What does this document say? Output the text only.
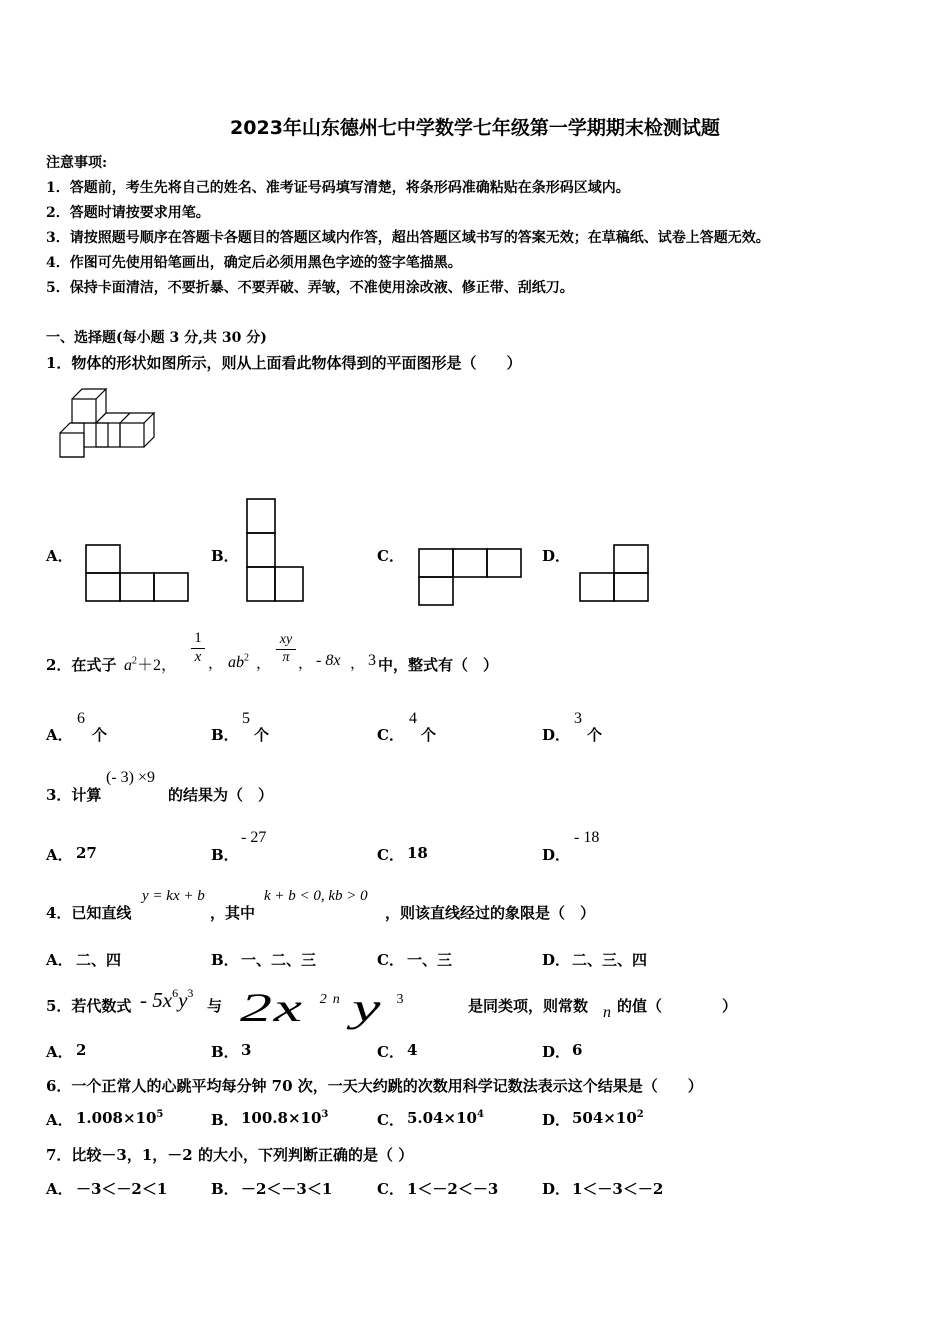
2023年山东德州七中学数学七年级第一学期期末检测试题
注意事项:
1．答题前，考生先将自己的姓名、准考证号码填写清楚，将条形码准确粘贴在条形码区域内。
2．答题时请按要求用笔。
3．请按照题号顺序在答题卡各题目的答题区域内作答，超出答题区域书写的答案无效；在草稿纸、试卷上答题无效。
4．作图可先使用铅笔画出，确定后必须用黑色字迹的签字笔描黑。
5．保持卡面清洁，不要折暴、不要弄破、弄皱，不准使用涂改液、修正带、刮纸刀。
一、选择题(每小题 3 分,共 30 分)
1．物体的形状如图所示，则从上面看此物体得到的平面图形是（　　）
A．	B．	C．	D．
2．在式子 $a^2+2$，
1
x ， $ab^2$ ，
xy
π ， - 8x ， 3 中，整式有（　）
A．
6
个	B．
5
个	C．
4
个	D．
3
个
3．计算
(- 3) ×9
的结果为（　）
A． 27	B．
- 27
C． 18	D．
- 18
4．已知直线
y = kx + b
，其中
k + b < 0, kb > 0
，则该直线经过的象限是（　）
A． 二、四	B． 一、二、三	C． 一、三	D． 二、三、四
5．若代数式 - $5x^6y^3$
与 2x $^{2n}$ y $^3$	是同类项，则常数 n 的值（　　　　）
A． 2	B． 3	C． 4	D． 6
6．一个正常人的心跳平均每分钟 70 次，一天大约跳的次数用科学记数法表示这个结果是（　　）
A． $1.008\times 10^5$	B． $100.8\times 10^3$	C． $5.04\times 10^4$	D． $504\times 10^2$
7．比较－3，1，－2 的大小，下列判断正确的是（ ）
A． －3＜－2＜1	B． －2＜－3＜1	C． 1＜－2＜－3	D． 1＜－3＜－2
